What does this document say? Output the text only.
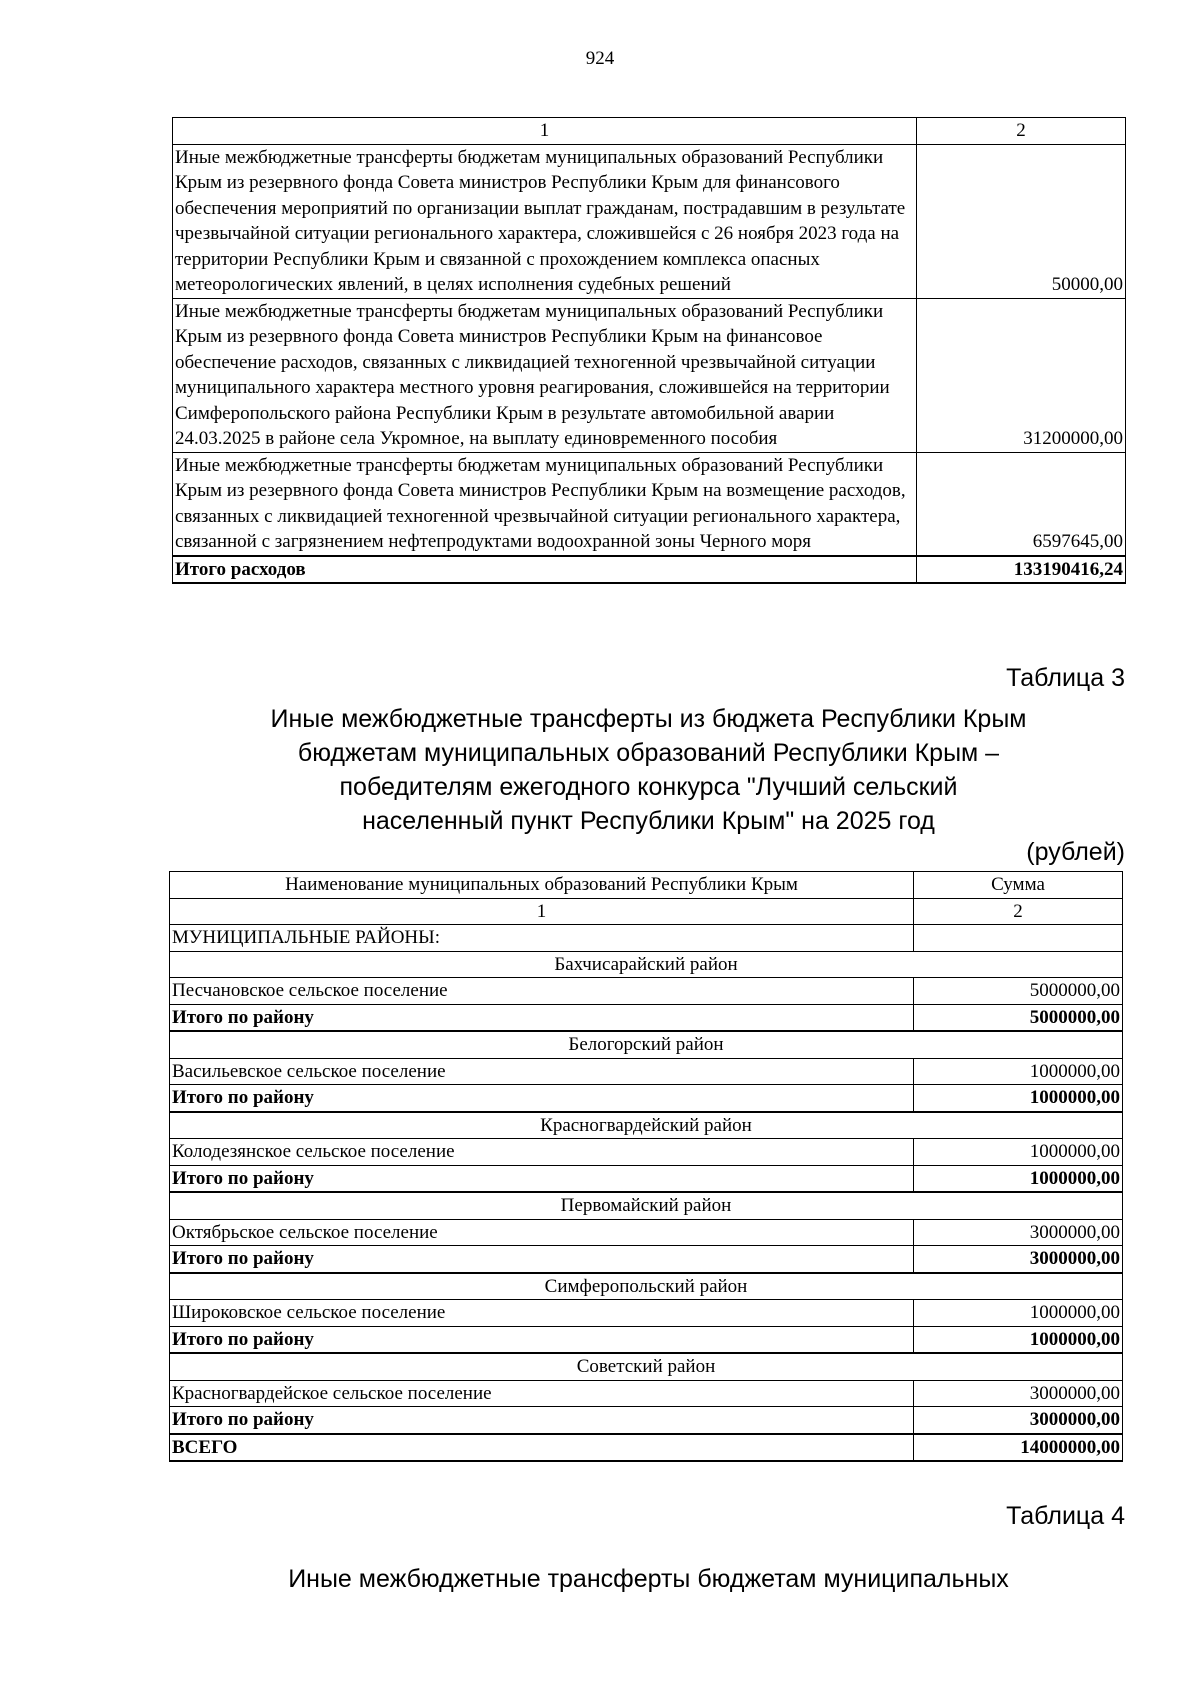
924
1	2
Иные межбюджетные трансферты бюджетам муниципальных образований Республики Крым из резервного фонда Совета министров Республики Крым для финансового обеспечения мероприятий по организации выплат гражданам, пострадавшим в результате чрезвычайной ситуации регионального характера, сложившейся с 26 ноября 2023 года на территории Республики Крым и связанной с прохождением комплекса опасных метеорологических явлений, в целях исполнения судебных решений	50000,00
Иные межбюджетные трансферты бюджетам муниципальных образований Республики Крым из резервного фонда Совета министров Республики Крым на финансовое обеспечение расходов, связанных с ликвидацией техногенной чрезвычайной ситуации муниципального характера местного уровня реагирования, сложившейся на территории Симферопольского района Республики Крым в результате автомобильной аварии 24.03.2025 в районе села Укромное, на выплату единовременного пособия	31200000,00
Иные межбюджетные трансферты бюджетам муниципальных образований Республики Крым из резервного фонда Совета министров Республики Крым на возмещение расходов, связанных с ликвидацией техногенной чрезвычайной ситуации регионального характера, связанной с загрязнением нефтепродуктами водоохранной зоны Черного моря	6597645,00
Итого расходов	133190416,24
Таблица 3
Иные межбюджетные трансферты из бюджета Республики Крым
бюджетам муниципальных образований Республики Крым –
победителям ежегодного конкурса "Лучший сельский
населенный пункт Республики Крым" на 2025 год
(рублей)
Наименование муниципальных образований Республики Крым	Сумма
1	2
МУНИЦИПАЛЬНЫЕ РАЙОНЫ:	
Бахчисарайский район	
Песчановское сельское поселение	5000000,00
Итого по району	5000000,00
Белогорский район	
Васильевское сельское поселение	1000000,00
Итого по району	1000000,00
Красногвардейский район	
Колодезянское сельское поселение	1000000,00
Итого по району	1000000,00
Первомайский район	
Октябрьское сельское поселение	3000000,00
Итого по району	3000000,00
Симферопольский район	
Широковское сельское поселение	1000000,00
Итого по району	1000000,00
Советский район	
Красногвардейское сельское поселение	3000000,00
Итого по району	3000000,00
ВСЕГО	14000000,00
Таблица 4
Иные межбюджетные трансферты бюджетам муниципальных
